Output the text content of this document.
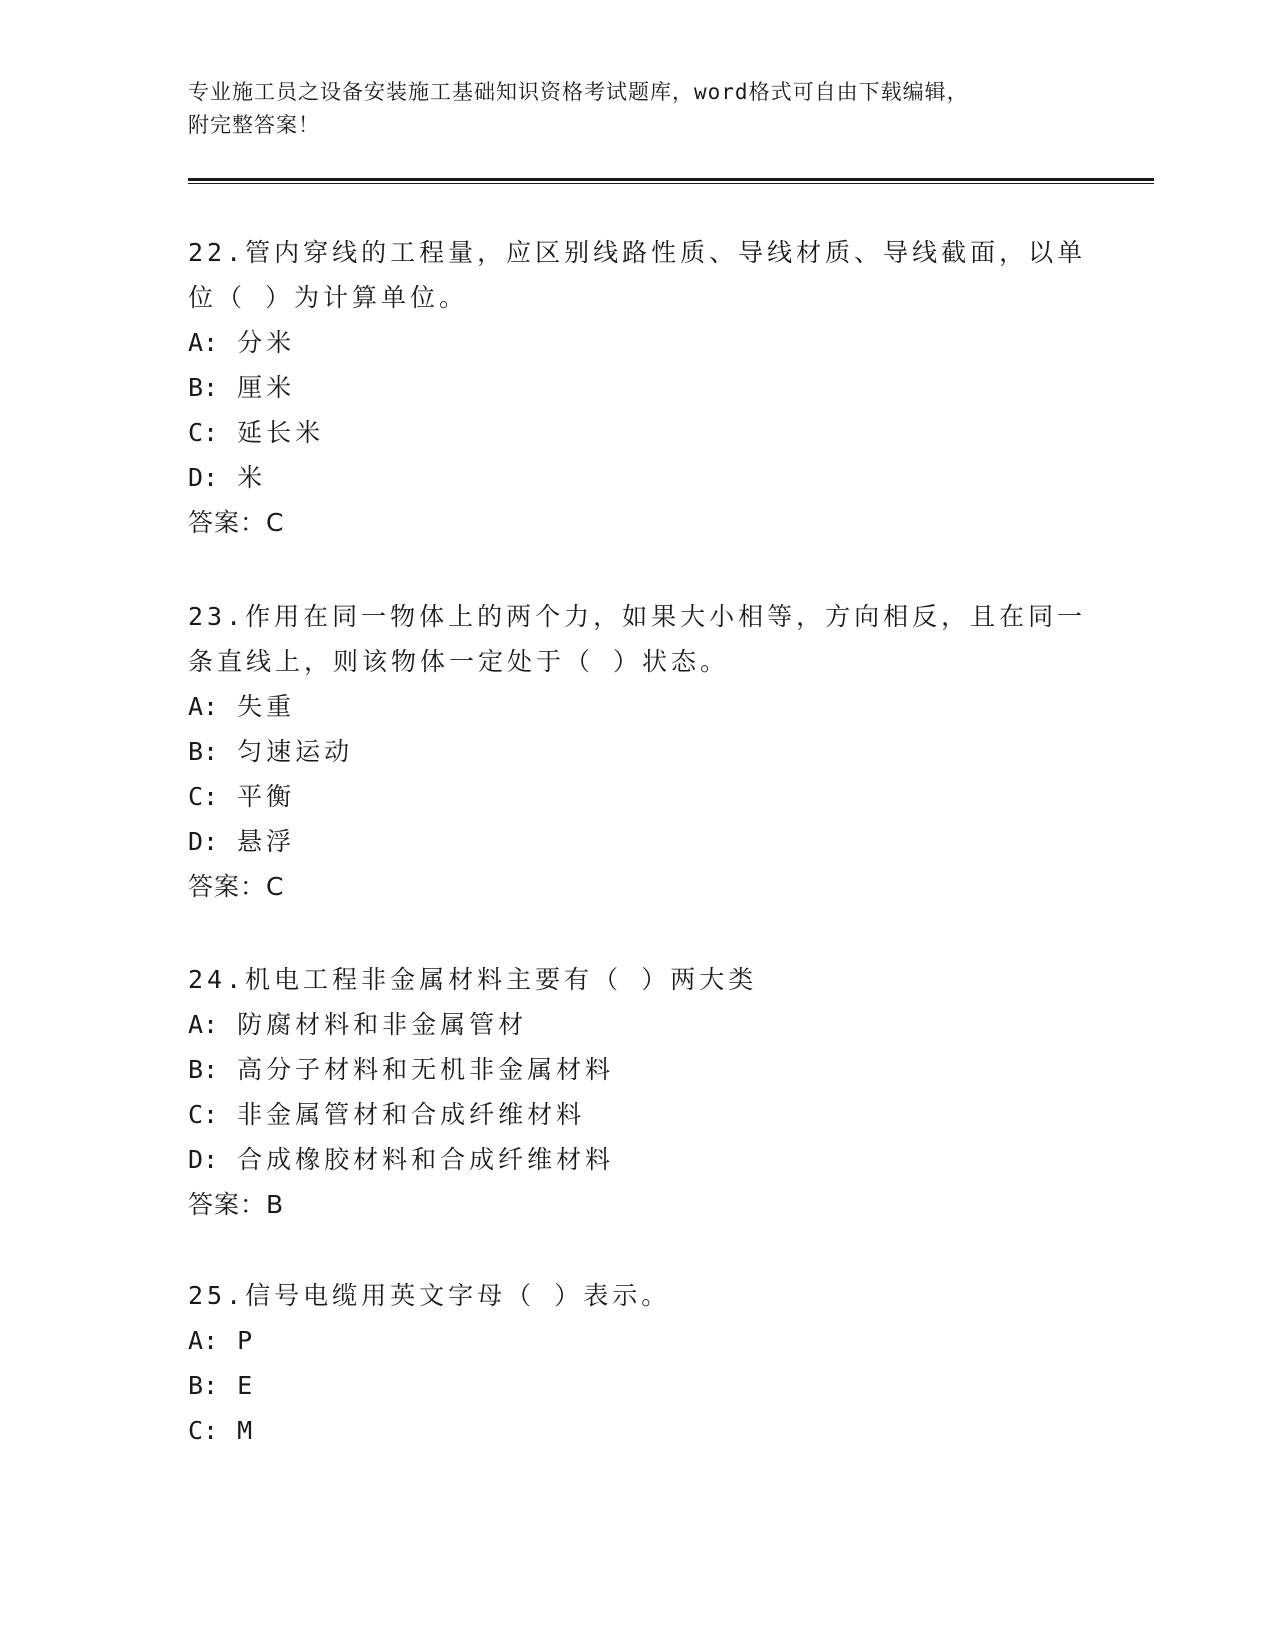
专业施工员之设备安装施工基础知识资格考试题库，word格式可自由下载编辑，
附完整答案！
22.管内穿线的工程量，应区别线路性质、导线材质、导线截面，以单
位（ ）为计算单位。
A: 分米
B: 厘米
C: 延长米
D: 米
答案：C
23.作用在同一物体上的两个力，如果大小相等，方向相反，且在同一
条直线上，则该物体一定处于（ ）状态。
A: 失重
B: 匀速运动
C: 平衡
D: 悬浮
答案：C
24.机电工程非金属材料主要有（ ）两大类
A: 防腐材料和非金属管材
B: 高分子材料和无机非金属材料
C: 非金属管材和合成纤维材料
D: 合成橡胶材料和合成纤维材料
答案：B
25.信号电缆用英文字母（ ）表示。
A: P
B: E
C: M
